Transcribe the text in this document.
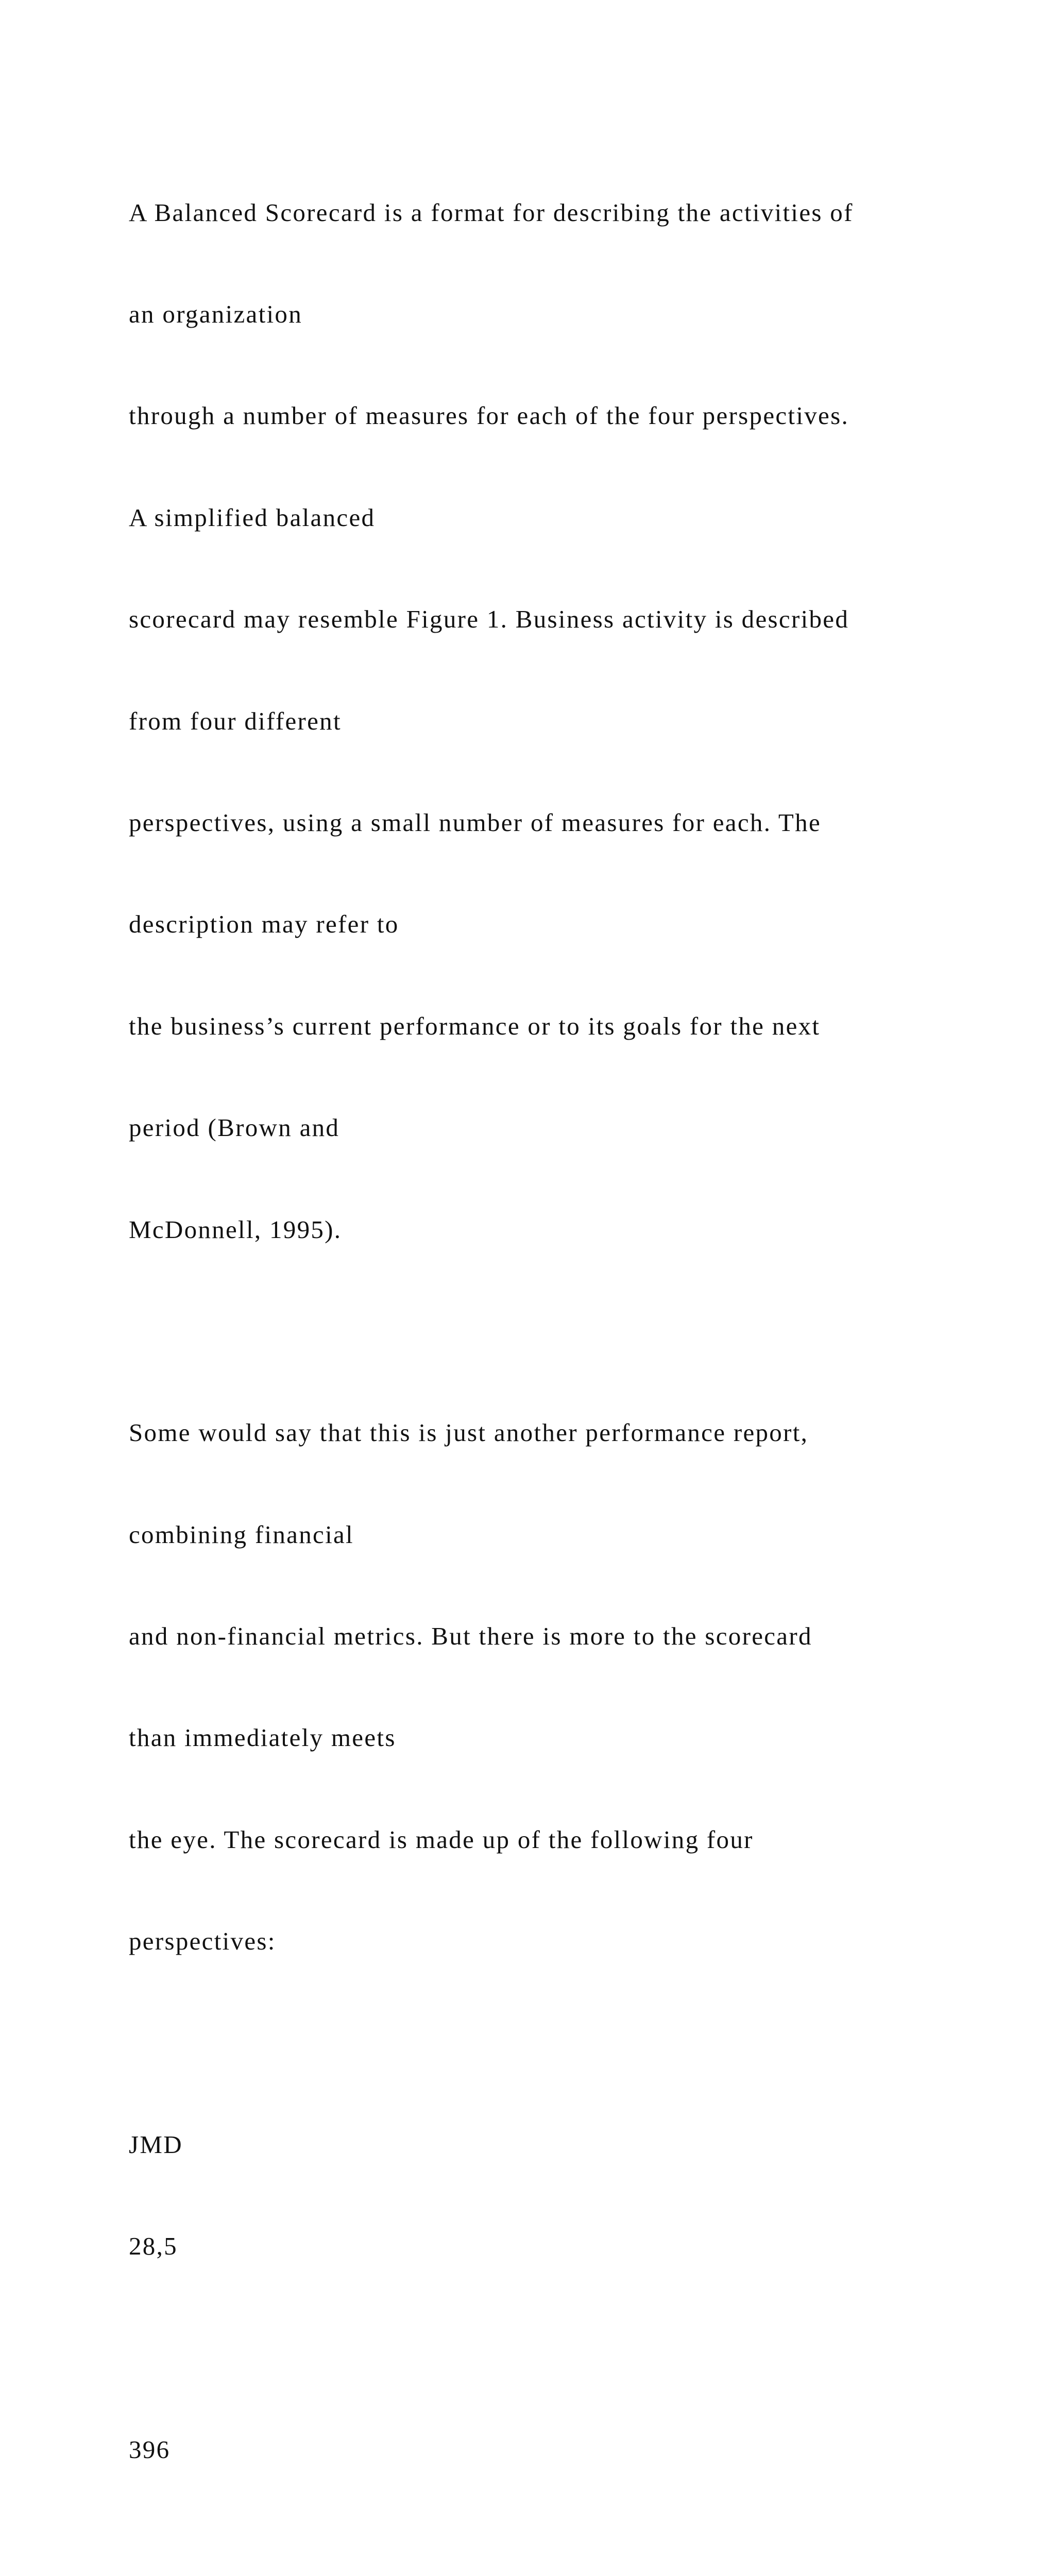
A Balanced Scorecard is a format for describing the activities of

an organization

through a number of measures for each of the four perspectives.

A simplified balanced

scorecard may resemble Figure 1. Business activity is described

from four different

perspectives, using a small number of measures for each. The

description may refer to

the business’s current performance or to its goals for the next

period (Brown and

McDonnell, 1995).

Some would say that this is just another performance report,

combining financial

and non-financial metrics. But there is more to the scorecard

than immediately meets

the eye. The scorecard is made up of the following four

perspectives:

JMD

28,5

396
